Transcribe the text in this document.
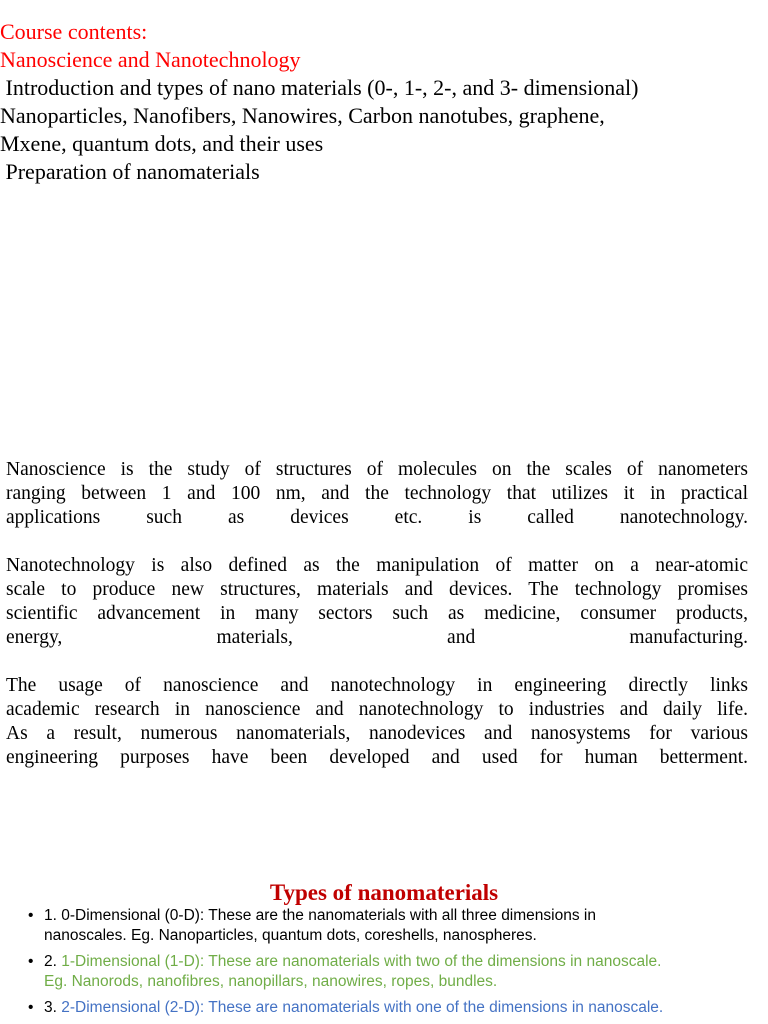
Course contents:
Nanoscience and Nanotechnology
Introduction and types of nano materials (0-, 1-, 2-, and 3- dimensional)
Nanoparticles, Nanofibers, Nanowires, Carbon nanotubes, graphene,
Mxene, quantum dots, and their uses
Preparation of nanomaterials
Nanoscience is the study of structures of molecules on the scales of nanometers
ranging between 1 and 100 nm, and the technology that utilizes it in practical
applications such as devices etc. is called nanotechnology.
Nanotechnology is also defined as the manipulation of matter on a near-atomic
scale to produce new structures, materials and devices. The technology promises
scientific advancement in many sectors such as medicine, consumer products,
energy, materials, and manufacturing.
The usage of nanoscience and nanotechnology in engineering directly links
academic research in nanoscience and nanotechnology to industries and daily life.
As a result, numerous nanomaterials, nanodevices and nanosystems for various
engineering purposes have been developed and used for human betterment.
Types of nanomaterials
• 1. 0-Dimensional (0-D): These are the nanomaterials with all three dimensions in
nanoscales. Eg. Nanoparticles, quantum dots, coreshells, nanospheres.
• 2. 1-Dimensional (1-D): These are nanomaterials with two of the dimensions in nanoscale.
Eg. Nanorods, nanofibres, nanopillars, nanowires, ropes, bundles.
• 3. 2-Dimensional (2-D): These are nanomaterials with one of the dimensions in nanoscale.
